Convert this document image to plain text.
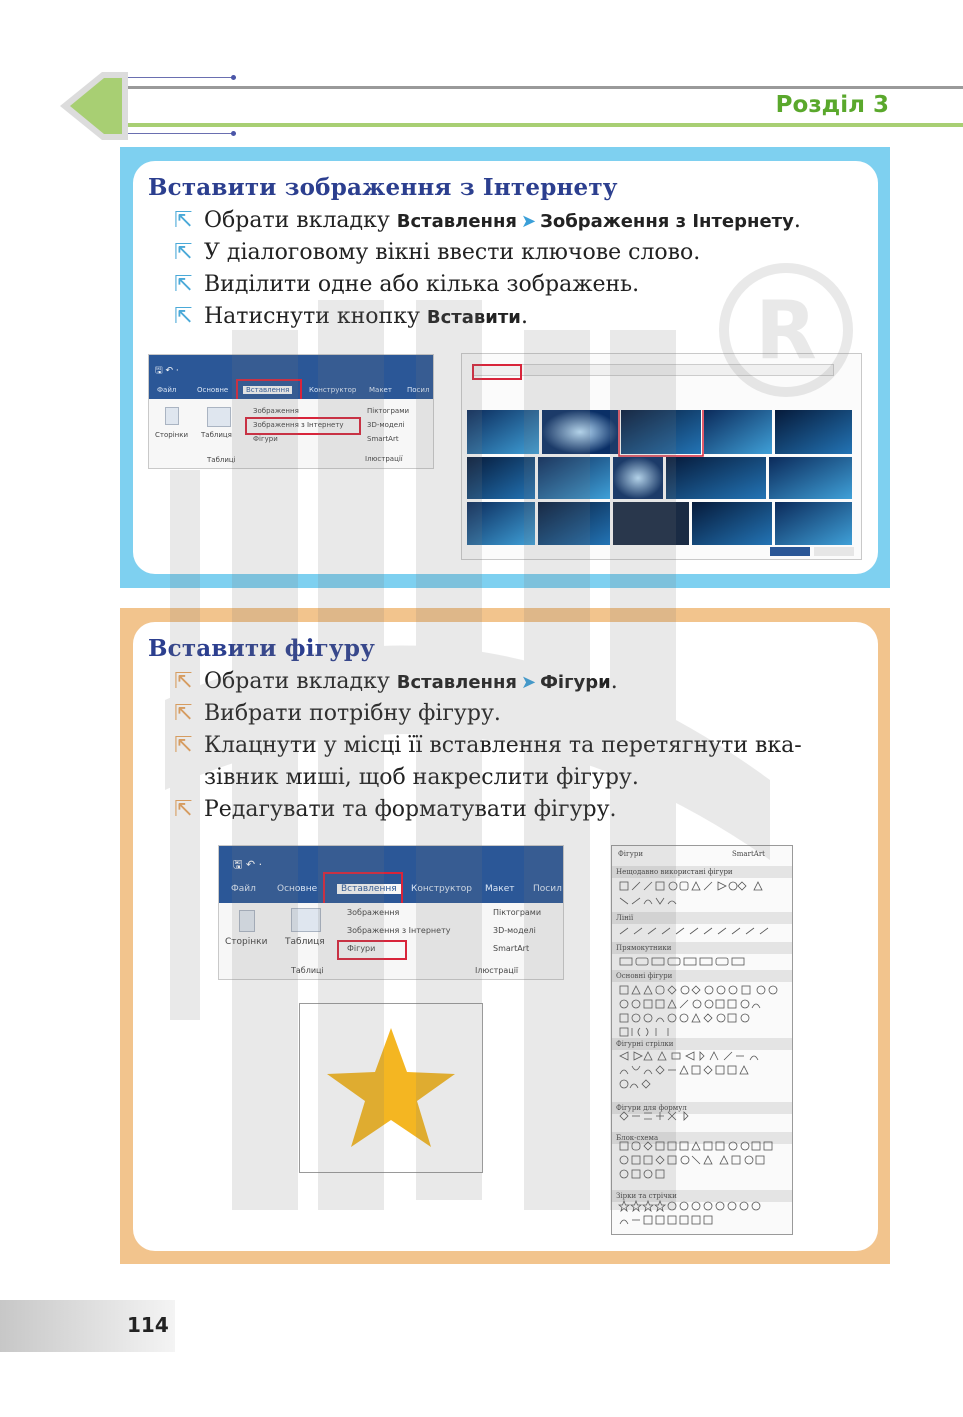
Розділ 3
Вставити зображення з Інтернету
⇱ Обрати вкладку Вставлення ➤ Зображення з Інтернету.
⇱ У діалоговому вікні ввести ключове слово.
⇱ Виділити одне або кілька зображень.
⇱ Натиснути кнопку Вставити.
🖫 ↶ ·
Файл	Основне	Вставлення	Конструктор Макет Посил
Сторінки Таблиця
Таблиці
Зображення
Зображення з Інтернету
Фігури
Піктограми
3D-моделі
SmartArt
Ілюстрації
Вставити фігуру
⇱ Обрати вкладку Вставлення ➤ Фігури.
⇱ Вибрати потрібну фігуру.
⇱ Клацнути у місці її вставлення та перетягнути вка-
зівник миші, щоб накреслити фігуру.
⇱ Редагувати та форматувати фігуру.
🖫 ↶ ·
Файл Основне	Вставлення	Конструктор Макет Посил
Сторінки Таблиця
Таблиці
Зображення
Зображення з Інтернету
Фігури
Піктограми
3D-моделі
SmartArt
Ілюстрації
Фігури	SmartArt
Нещодавно використані фігури
Лінії
Прямокутники
Основні фігури
Фігурні стрілки
Фігури для формул
Блок-схема
Зірки та стрічки
114
